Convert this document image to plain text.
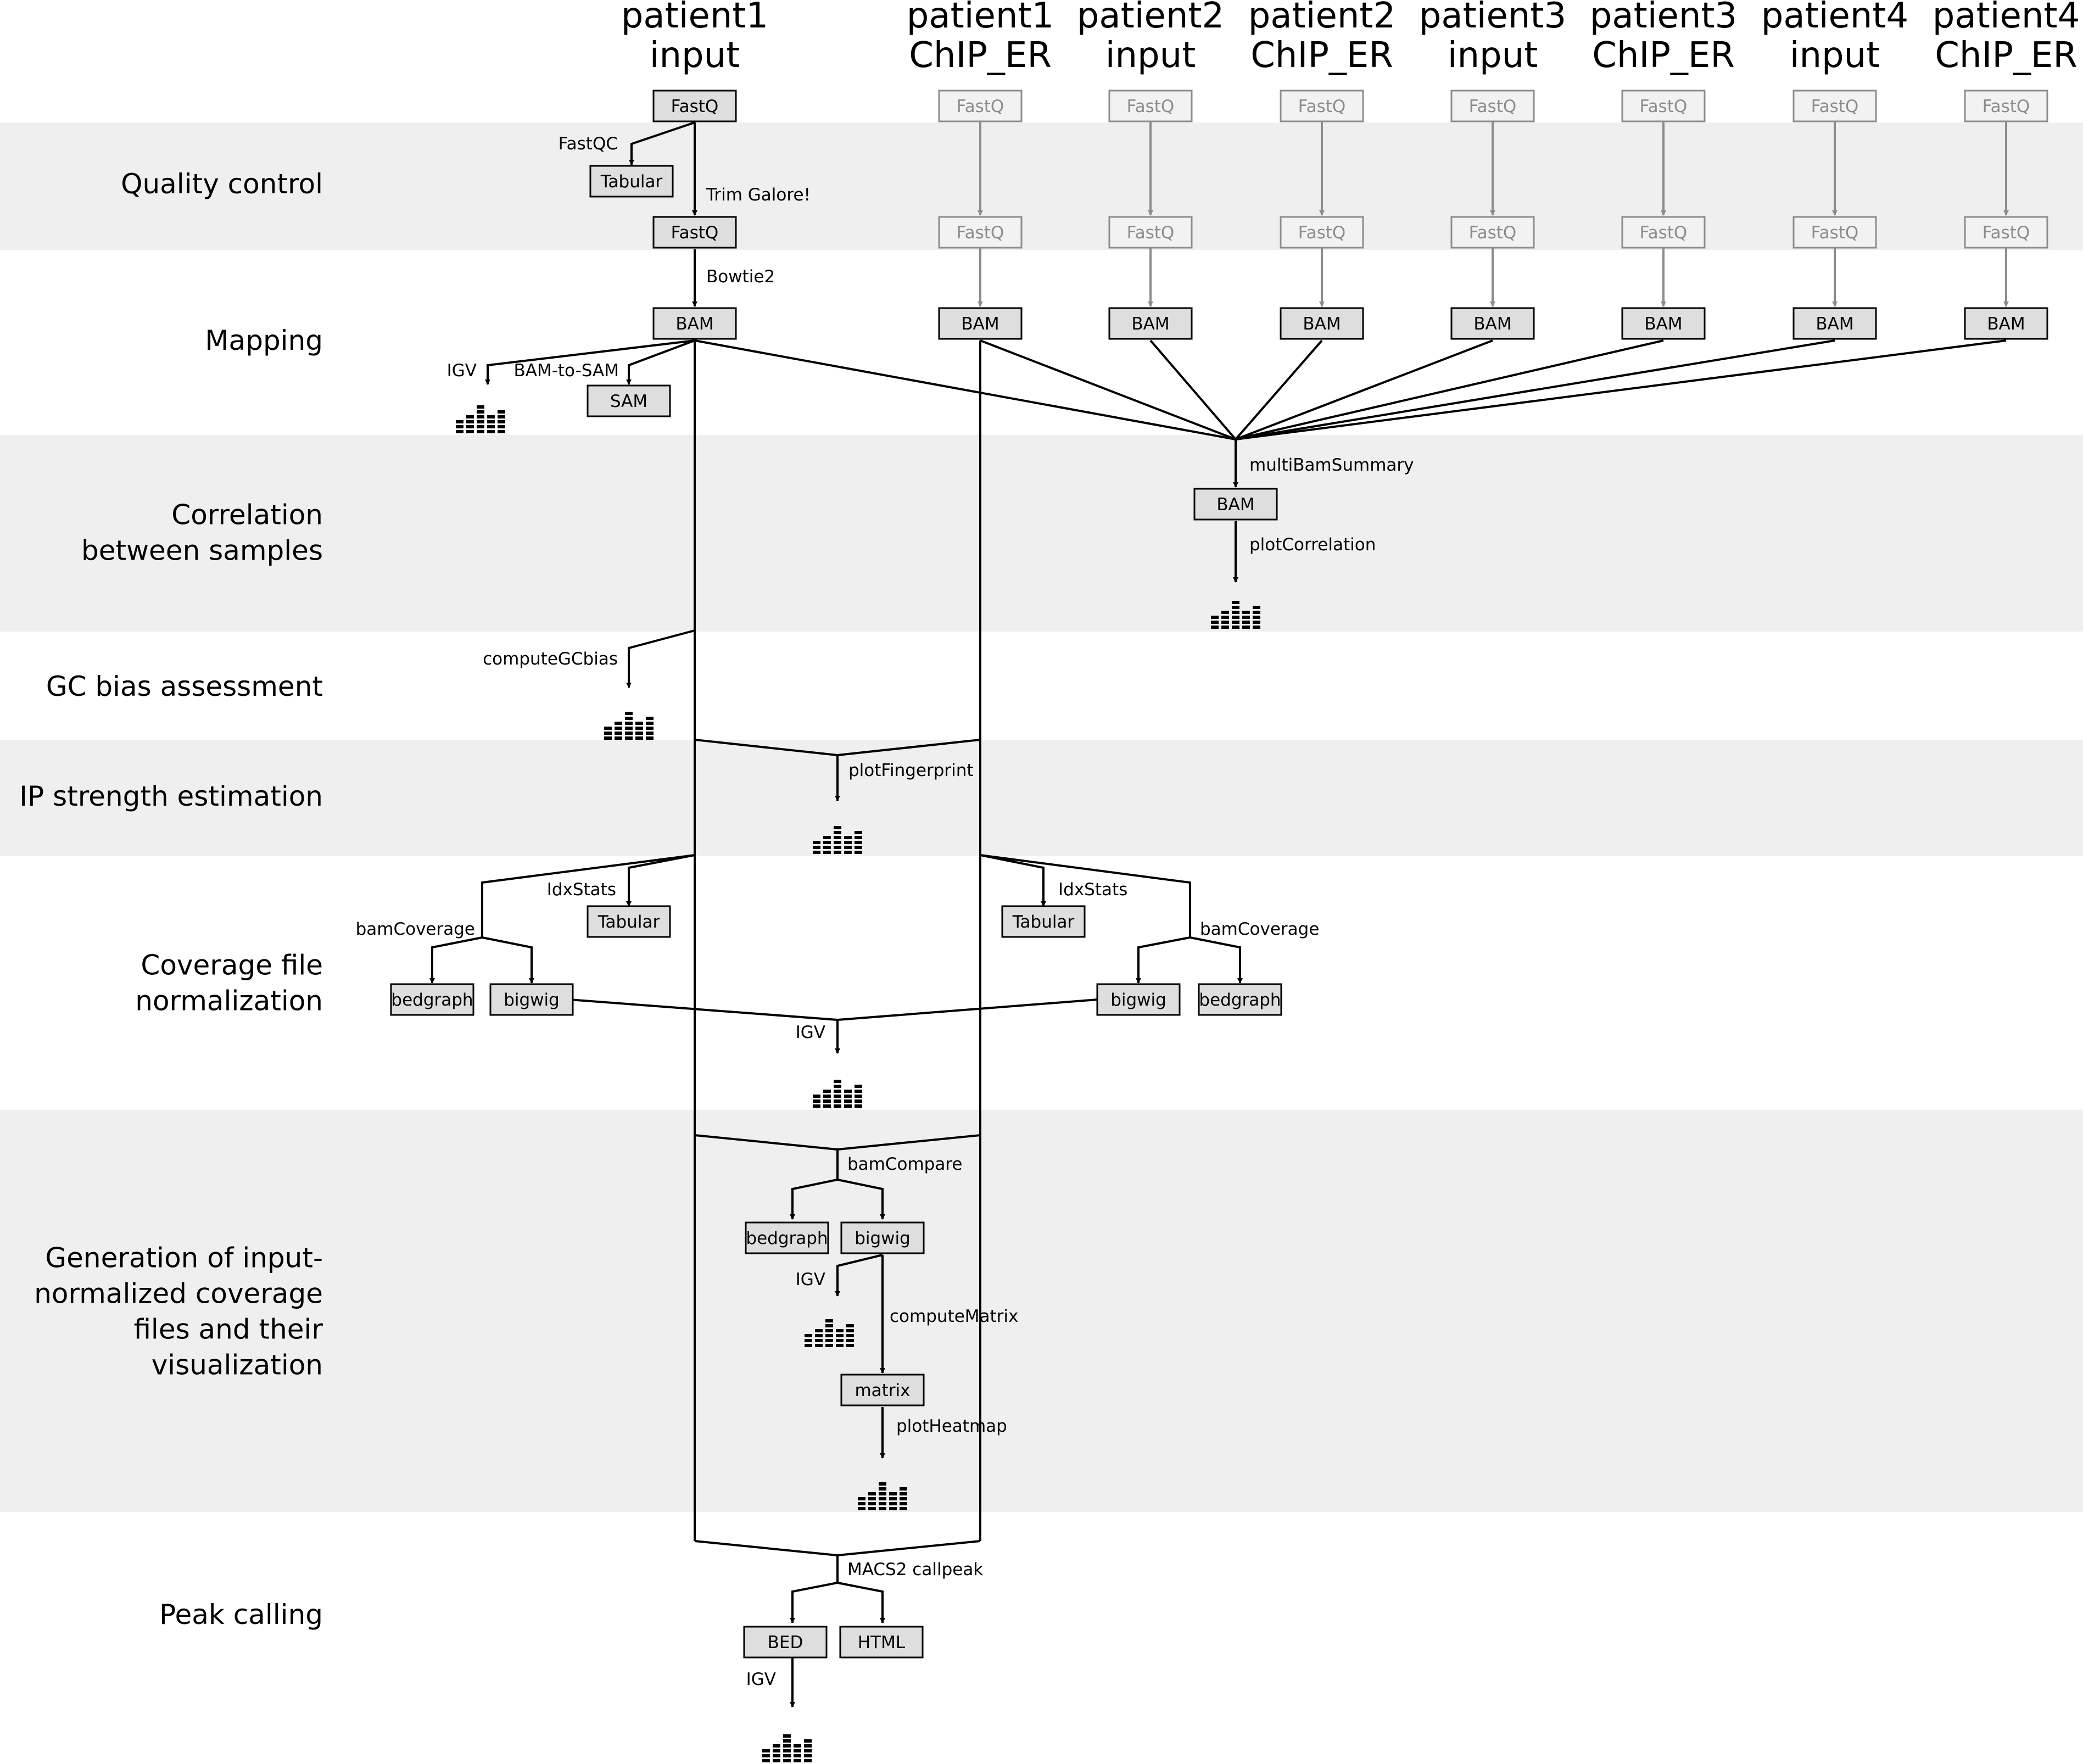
patient1
input
patient1
ChIP_ER
patient2
input
patient2
ChIP_ER
patient3
input
patient3
ChIP_ER
patient4
input
patient4
ChIP_ER
Quality control
Mapping
Correlation
between samples
GC bias assessment
IP strength estimation
Coverage file
normalization
Generation of input-
normalized coverage
files and their
visualization
Peak calling
FastQ
Tabular
FastQ
BAM
SAM
FastQ
FastQ
BAM
FastQ
FastQ
BAM
FastQ
FastQ
BAM
FastQ
FastQ
BAM
FastQ
FastQ
BAM
FastQ
FastQ
BAM
FastQ
FastQ
BAM
BAM
Tabular	Tabular
bedgraph bigwig	bigwig bedgraph
bedgraph bigwig
matrix
BED	HTML
FastQC
Trim Galore!
Bowtie2
IGV BAM-to-SAM
multiBamSummary
plotCorrelation
computeGCbias
plotFingerprint
IdxStats	IdxStats
bamCoverage	bamCoverage
IGV
bamCompare
IGV
computeMatrix
plotHeatmap
MACS2 callpeak
IGV
